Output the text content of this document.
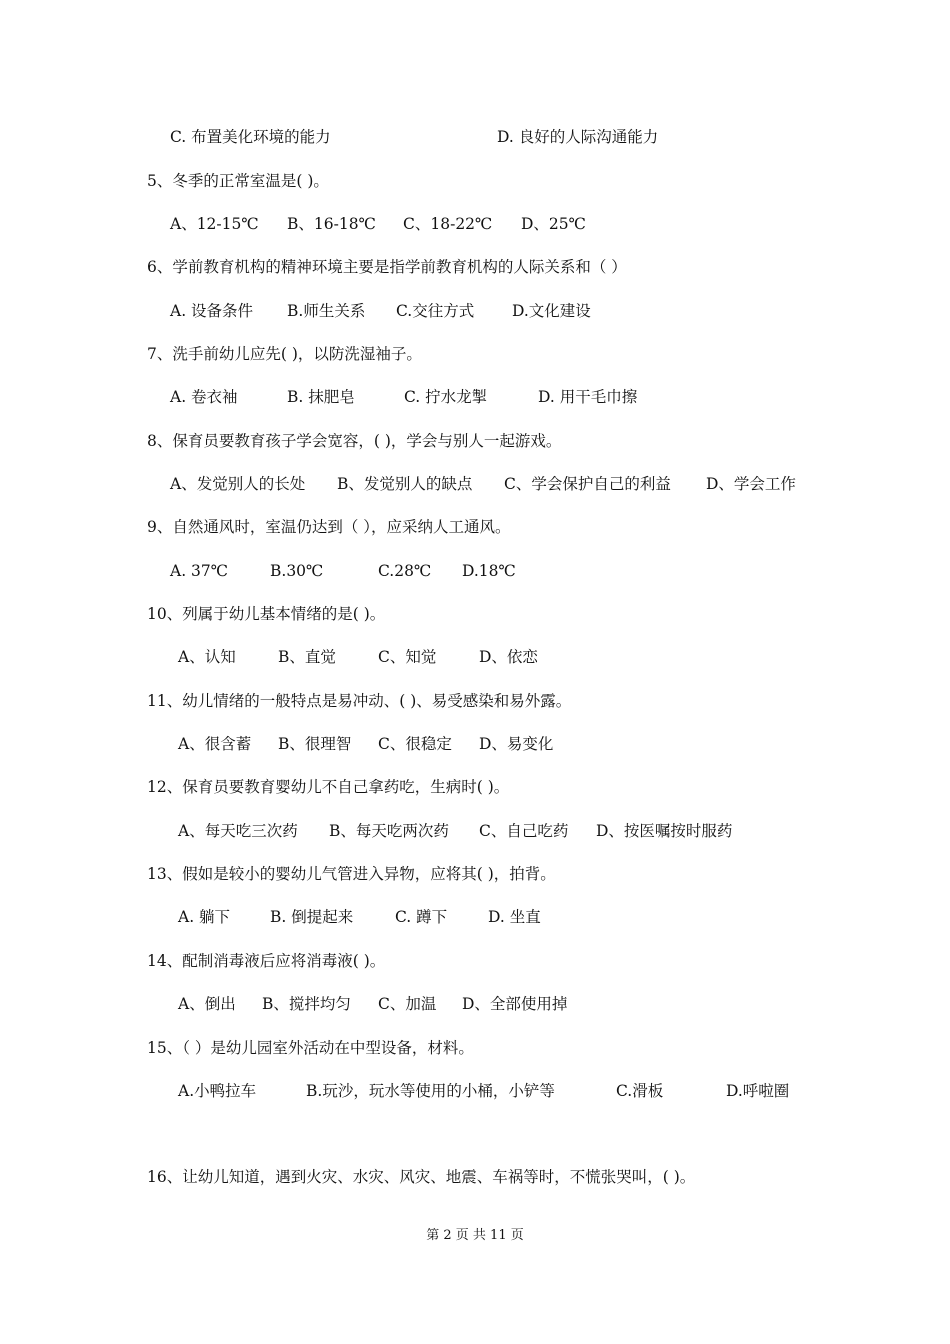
C. 布置美化环境的能力	D. 良好的人际沟通能力
5、冬季的正常室温是( )。
A、12-15℃ B、16-18℃ C、18-22℃ D、25℃
6、学前教育机构的精神环境主要是指学前教育机构的人际关系和（ ）
A. 设备条件 B.师生关系 C.交往方式 D.文化建设
7、洗手前幼儿应先( )，以防洗湿袖子。
A. 卷衣袖	B. 抹肥皂	C. 拧水龙掣	D. 用干毛巾擦
8、保育员要教育孩子学会宽容，( )，学会与别人一起游戏。
A、发觉别人的长处 B、发觉别人的缺点 C、学会保护自己的利益 D、学会工作
9、自然通风时，室温仍达到（ ），应采纳人工通风。
A. 37℃	B.30℃	C.28℃ D.18℃
10、列属于幼儿基本情绪的是( )。
A、认知	B、直觉	C、知觉	D、依恋
11、幼儿情绪的一般特点是易冲动、( )、易受感染和易外露。
A、很含蓄 B、很理智 C、很稳定 D、易变化
12、保育员要教育婴幼儿不自己拿药吃，生病时( )。
A、每天吃三次药 B、每天吃两次药 C、自己吃药 D、按医嘱按时服药
13、假如是较小的婴幼儿气管进入异物，应将其( )，拍背。
A. 躺下	B. 倒提起来	C. 蹲下	D. 坐直
14、配制消毒液后应将消毒液( )。
A、倒出 B、搅拌均匀 C、加温 D、全部使用掉
15、（ ）是幼儿园室外活动在中型设备，材料。
A.小鸭拉车	B.玩沙，玩水等使用的小桶，小铲等	C.滑板	D.呼啦圈
16、让幼儿知道，遇到火灾、水灾、风灾、地震、车祸等时，不慌张哭叫，( )。
第 2 页 共 11 页
